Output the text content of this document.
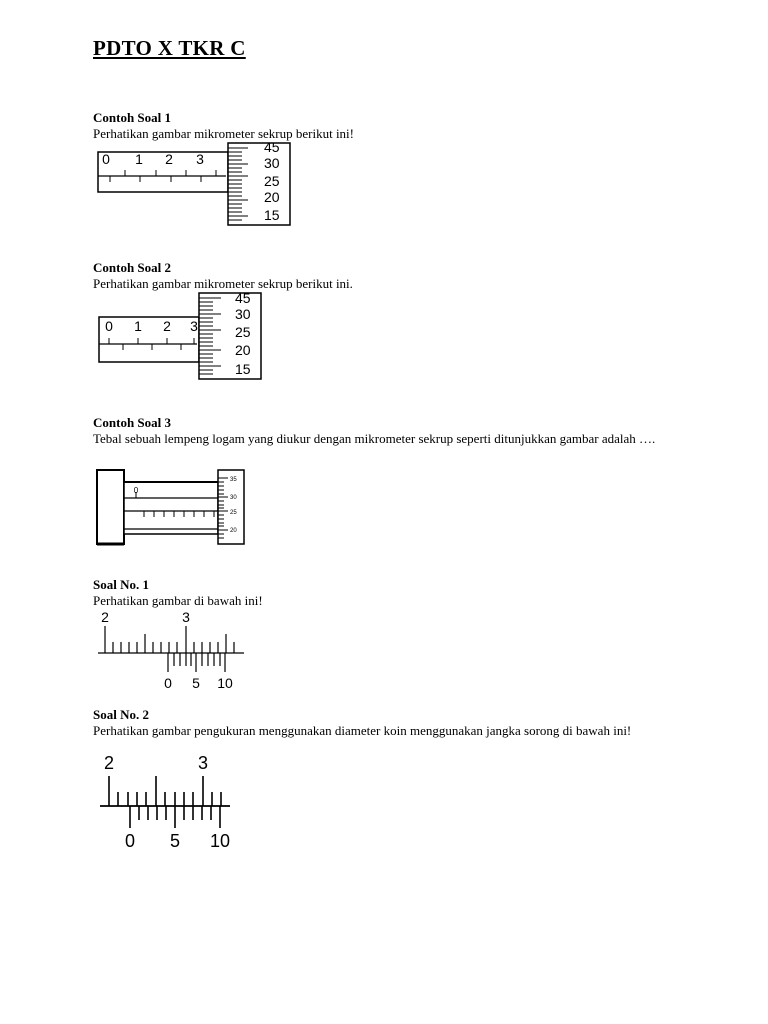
PDTO X TKR C
Contoh Soal 1
Perhatikan gambar mikrometer sekrup berikut ini!
0 1 2 3
45
30
25
20
15
Contoh Soal 2
Perhatikan gambar mikrometer sekrup berikut ini.
0 1 2 3
45
30
25
20
15
Contoh Soal 3
Tebal sebuah lempeng logam yang diukur dengan mikrometer sekrup seperti ditunjukkan gambar adalah ….
0
35
30
25
20
Soal No. 1
Perhatikan gambar di bawah ini!
2	3
0 5 10
Soal No. 2
Perhatikan gambar pengukuran menggunakan diameter koin menggunakan jangka sorong di bawah ini!
2	3
0 5 10
